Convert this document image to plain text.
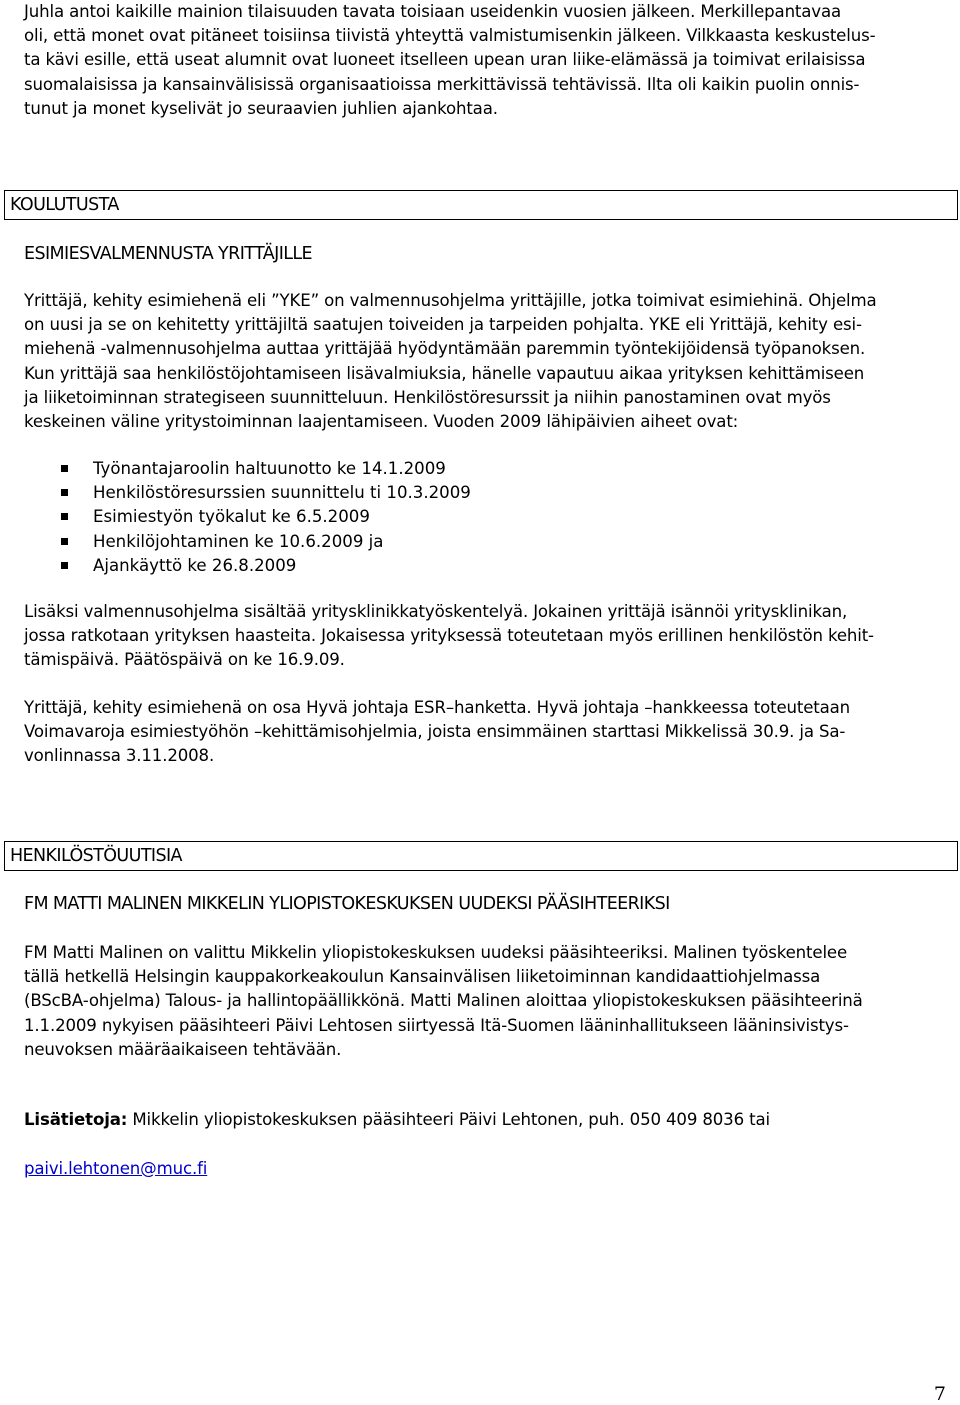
Juhla antoi kaikille mainion tilaisuuden tavata toisiaan useidenkin vuosien jälkeen. Merkillepantavaa
oli, että monet ovat pitäneet toisiinsa tiivistä yhteyttä valmistumisenkin jälkeen. Vilkkaasta keskustelus-
ta kävi esille, että useat alumnit ovat luoneet itselleen upean uran liike-elämässä ja toimivat erilaisissa
suomalaisissa ja kansainvälisissä organisaatioissa merkittävissä tehtävissä. Ilta oli kaikin puolin onnis-
tunut ja monet kyselivät jo seuraavien juhlien ajankohtaa.

KOULUTUSTA

ESIMIESVALMENNUSTA YRITTÄJILLE

Yrittäjä, kehity esimiehenä eli ”YKE” on valmennusohjelma yrittäjille, jotka toimivat esimiehinä. Ohjelma
on uusi ja se on kehitetty yrittäjiltä saatujen toiveiden ja tarpeiden pohjalta. YKE eli Yrittäjä, kehity esi-
miehenä -valmennusohjelma auttaa yrittäjää hyödyntämään paremmin työntekijöidensä työpanoksen.
Kun yrittäjä saa henkilöstöjohtamiseen lisävalmiuksia, hänelle vapautuu aikaa yrityksen kehittämiseen
ja liiketoiminnan strategiseen suunnitteluun. Henkilöstöresurssit ja niihin panostaminen ovat myös
keskeinen väline yritystoiminnan laajentamiseen. Vuoden 2009 lähipäivien aiheet ovat:

Työnantajaroolin haltuunotto ke 14.1.2009
Henkilöstöresurssien suunnittelu ti 10.3.2009
Esimiestyön työkalut ke 6.5.2009
Henkilöjohtaminen ke 10.6.2009 ja
Ajankäyttö ke 26.8.2009

Lisäksi valmennusohjelma sisältää yritysklinikkatyöskentelyä. Jokainen yrittäjä isännöi yritysklinikan,
jossa ratkotaan yrityksen haasteita. Jokaisessa yrityksessä toteutetaan myös erillinen henkilöstön kehit-
tämispäivä. Päätöspäivä on ke 16.9.09.

Yrittäjä, kehity esimiehenä on osa Hyvä johtaja ESR–hanketta. Hyvä johtaja –hankkeessa toteutetaan
Voimavaroja esimiestyöhön –kehittämisohjelmia, joista ensimmäinen starttasi Mikkelissä 30.9. ja Sa-
vonlinnassa 3.11.2008.

HENKILÖSTÖUUTISIA

FM MATTI MALINEN MIKKELIN YLIOPISTOKESKUKSEN UUDEKSI PÄÄSIHTEERIKSI

FM Matti Malinen on valittu Mikkelin yliopistokeskuksen uudeksi pääsihteeriksi. Malinen työskentelee
tällä hetkellä Helsingin kauppakorkeakoulun Kansainvälisen liiketoiminnan kandidaattiohjelmassa
(BScBA-ohjelma) Talous- ja hallintopäällikkönä. Matti Malinen aloittaa yliopistokeskuksen pääsihteerinä
1.1.2009 nykyisen pääsihteeri Päivi Lehtosen siirtyessä Itä-Suomen lääninhallitukseen lääninsivistys-
neuvoksen määräaikaiseen tehtävään.

Lisätietoja: Mikkelin yliopistokeskuksen pääsihteeri Päivi Lehtonen, puh. 050 409 8036 tai

paivi.lehtonen@muc.fi

7
